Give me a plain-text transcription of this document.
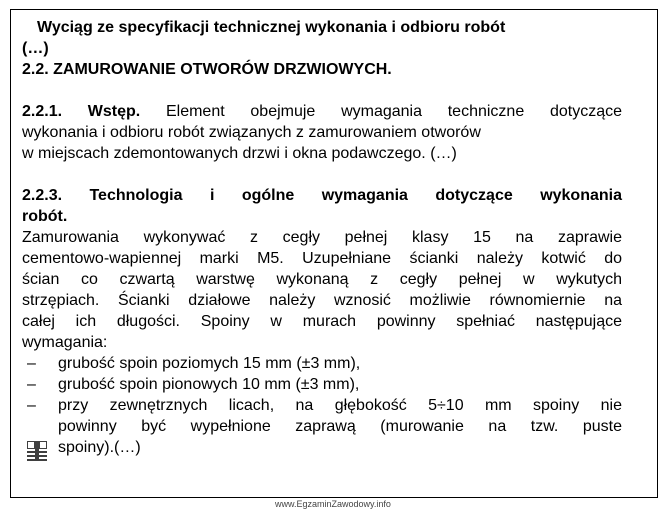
Wyciąg ze specyfikacji technicznej wykonania i odbioru robót
(…)
2.2. ZAMUROWANIE OTWORÓW DRZWIOWYCH.
2.2.1. Wstęp. Element obejmuje wymagania techniczne dotyczące
wykonania i odbioru robót związanych z zamurowaniem otworów
w miejscach zdemontowanych drzwi i okna podawczego. (…)
2.2.3. Technologia i ogólne wymagania dotyczące wykonania
robót.
Zamurowania wykonywać z cegły pełnej klasy 15 na zaprawie
cementowo-wapiennej marki M5. Uzupełniane ścianki należy kotwić do
ścian co czwartą warstwę wykonaną z cegły pełnej w wykutych
strzępiach. Ścianki działowe należy wznosić możliwie równomiernie na
całej ich długości. Spoiny w murach powinny spełniać następujące
wymagania:
– grubość spoin poziomych 15 mm (±3 mm),
– grubość spoin pionowych 10 mm (±3 mm),
– przy zewnętrznych licach, na głębokość 5÷10 mm spoiny nie
powinny być wypełnione zaprawą (murowanie na tzw. puste
spoiny).(…)
www.EgzaminZawodowy.info
